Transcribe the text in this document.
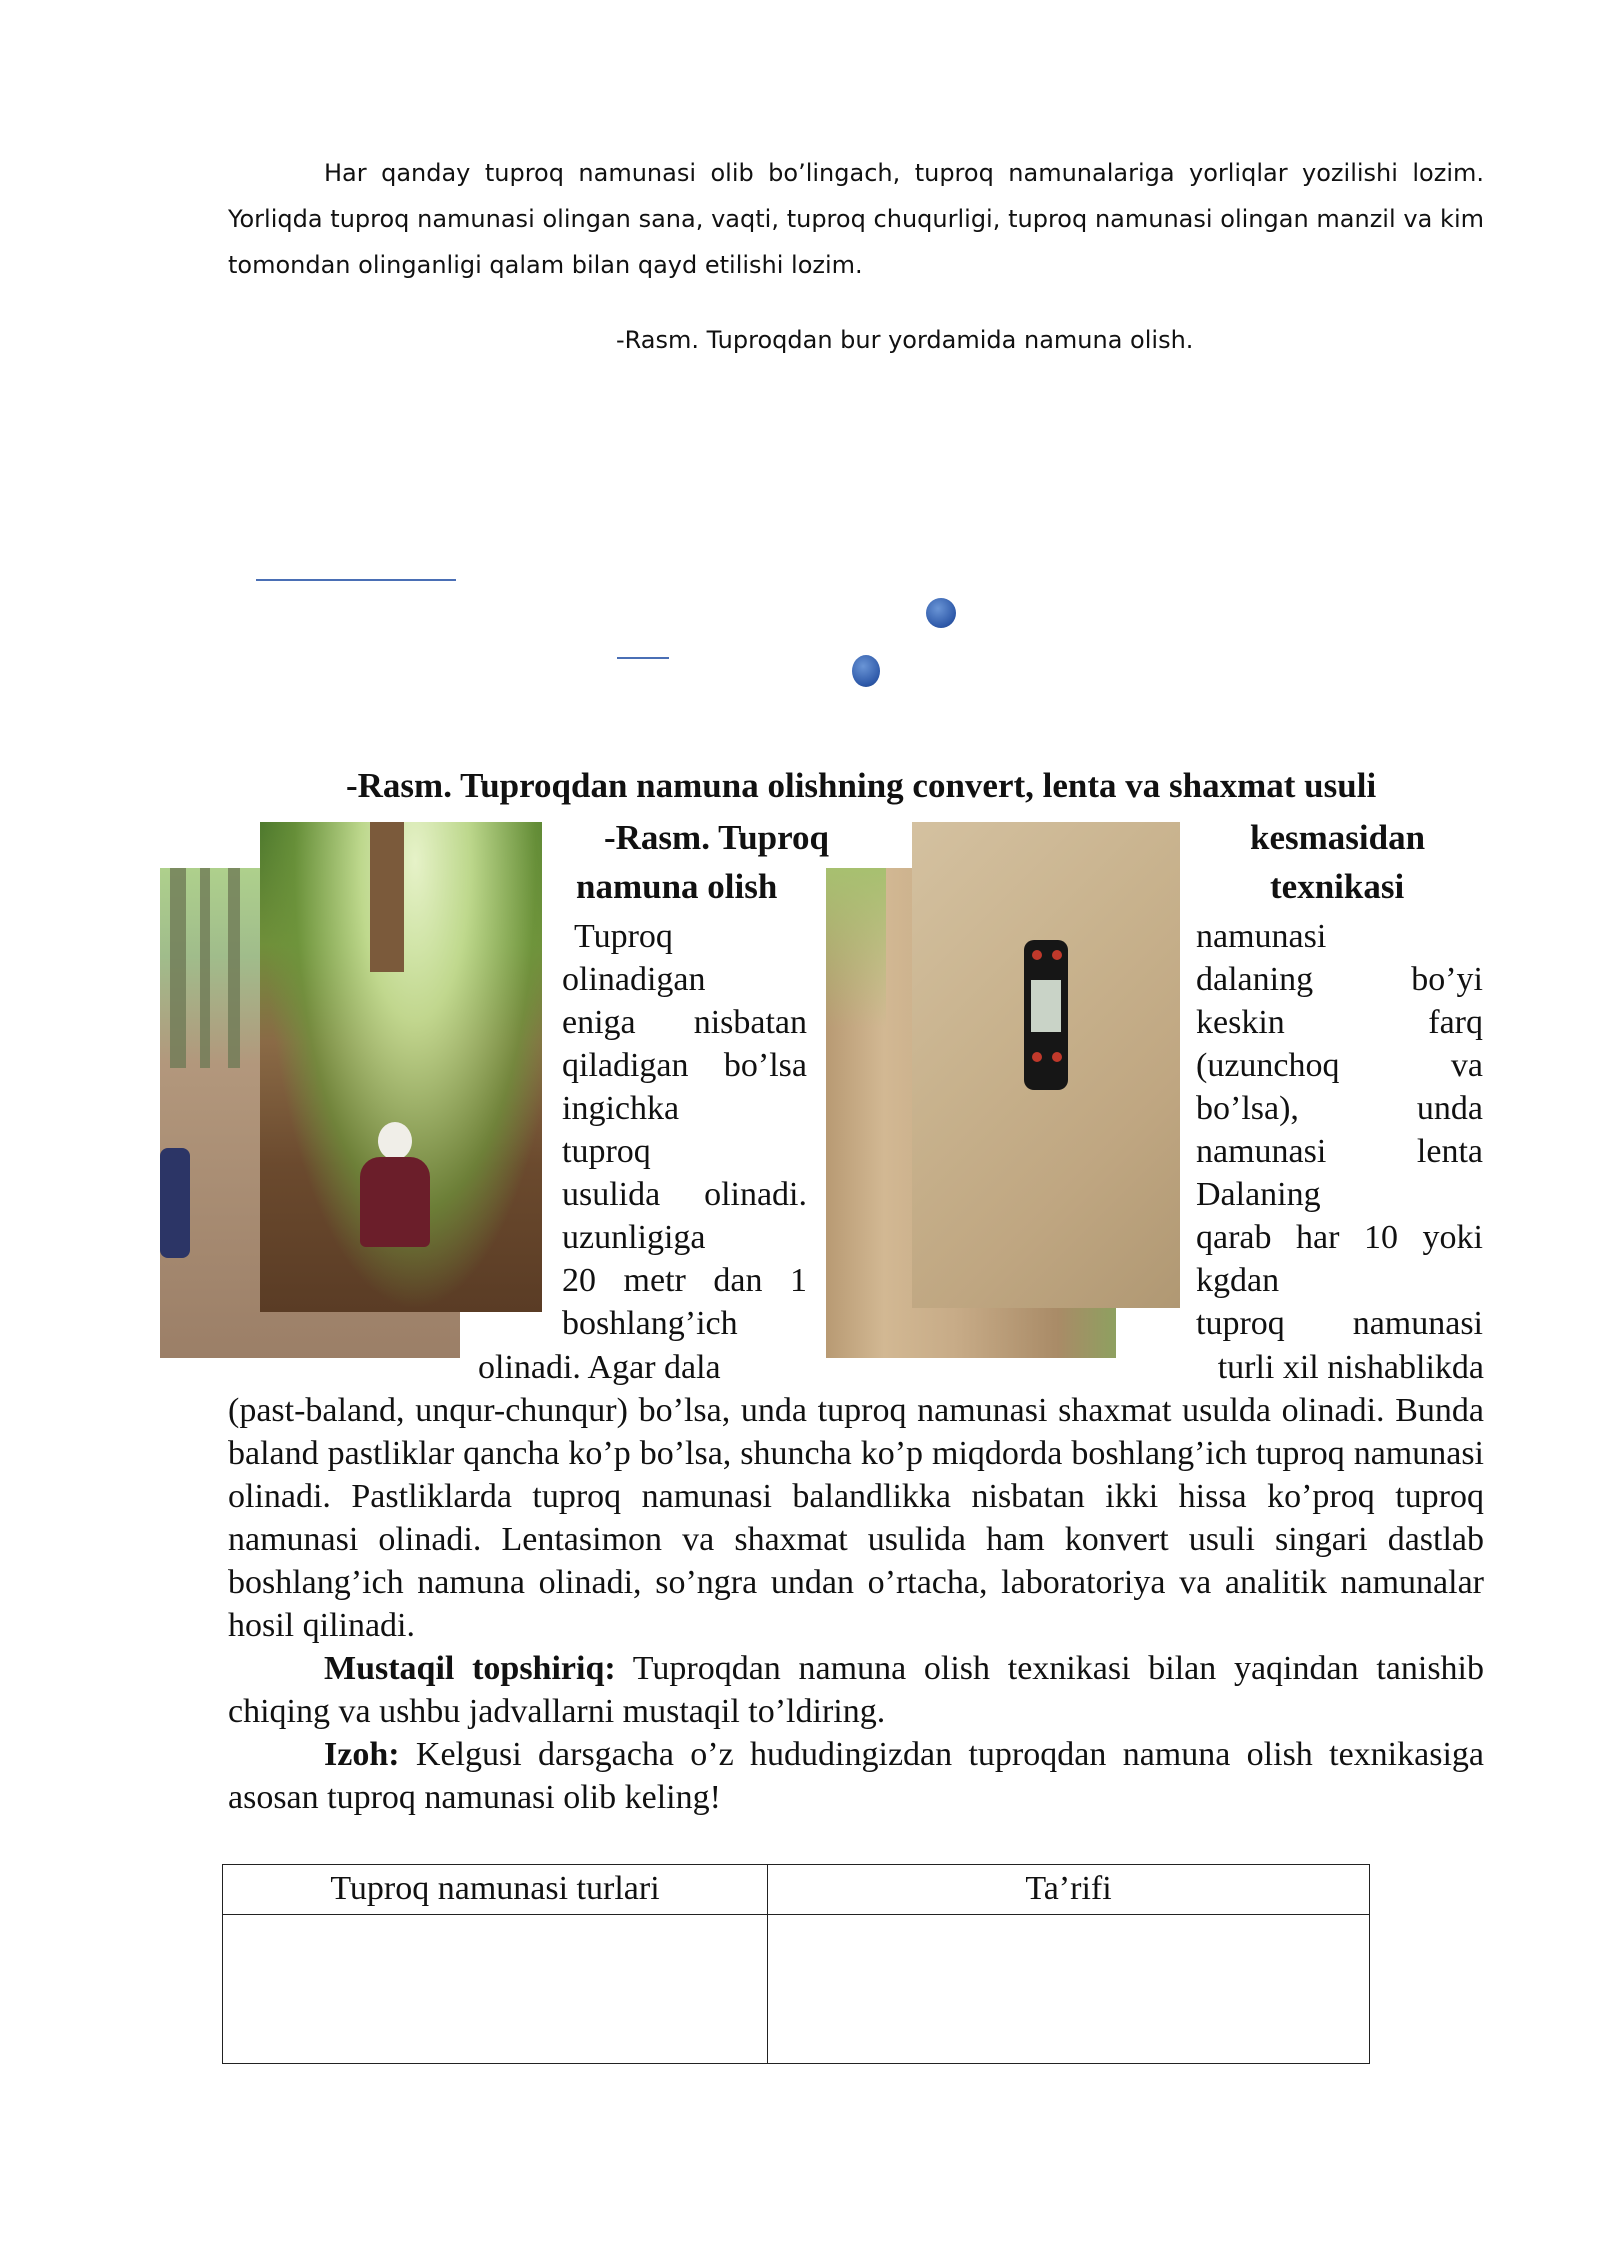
Har qanday tuproq namunasi olib bo’lingach, tuproq namunalariga yorliqlar yozilishi lozim. Yorliqda tuproq namunasi olingan sana, vaqti, tuproq chuqurligi, tuproq namunasi olingan manzil va kim tomondan olinganligi qalam bilan qayd etilishi lozim.

-Rasm. Tuproqdan bur yordamida namuna olish.

-Rasm. Tuproqdan namuna olishning convert, lenta va shaxmat usuli

-Rasm. Tuproq
namuna olish
kesmasidan
texnikasi
Tuproq
olinadigan
eniga nisbatan
qiladigan bo’lsa
ingichka
tuproq
usulida olinadi.
uzunligiga
20 metr dan 1
boshlang’ich
namunasi
dalaning	bo’yi
keskin	farq
(uzunchoq	va
bo’lsa),	unda
namunasi	lenta
Dalaning
qarab har 10 yoki
kgdan
tuproq namunasi
olinadi. Agar dala	turli xil nishablikda

(past-baland, unqur-chunqur) bo’lsa, unda tuproq namunasi shaxmat usulda olinadi. Bunda baland pastliklar qancha ko’p bo’lsa, shuncha ko’p miqdorda boshlang’ich tuproq namunasi olinadi. Pastliklarda tuproq namunasi balandlikka nisbatan ikki hissa ko’proq tuproq namunasi olinadi. Lentasimon va shaxmat usulida ham konvert usuli singari dastlab boshlang’ich namuna olinadi, so’ngra undan o’rtacha, laboratoriya va analitik namunalar hosil qilinadi.

Mustaqil topshiriq: Tuproqdan namuna olish texnikasi bilan yaqindan tanishib chiqing va ushbu jadvallarni mustaqil to’ldiring.

Izoh: Kelgusi darsgacha o’z hududingizdan tuproqdan namuna olish texnikasiga asosan tuproq namunasi olib keling!

Tuproq namunasi turlari	Ta’rifi
